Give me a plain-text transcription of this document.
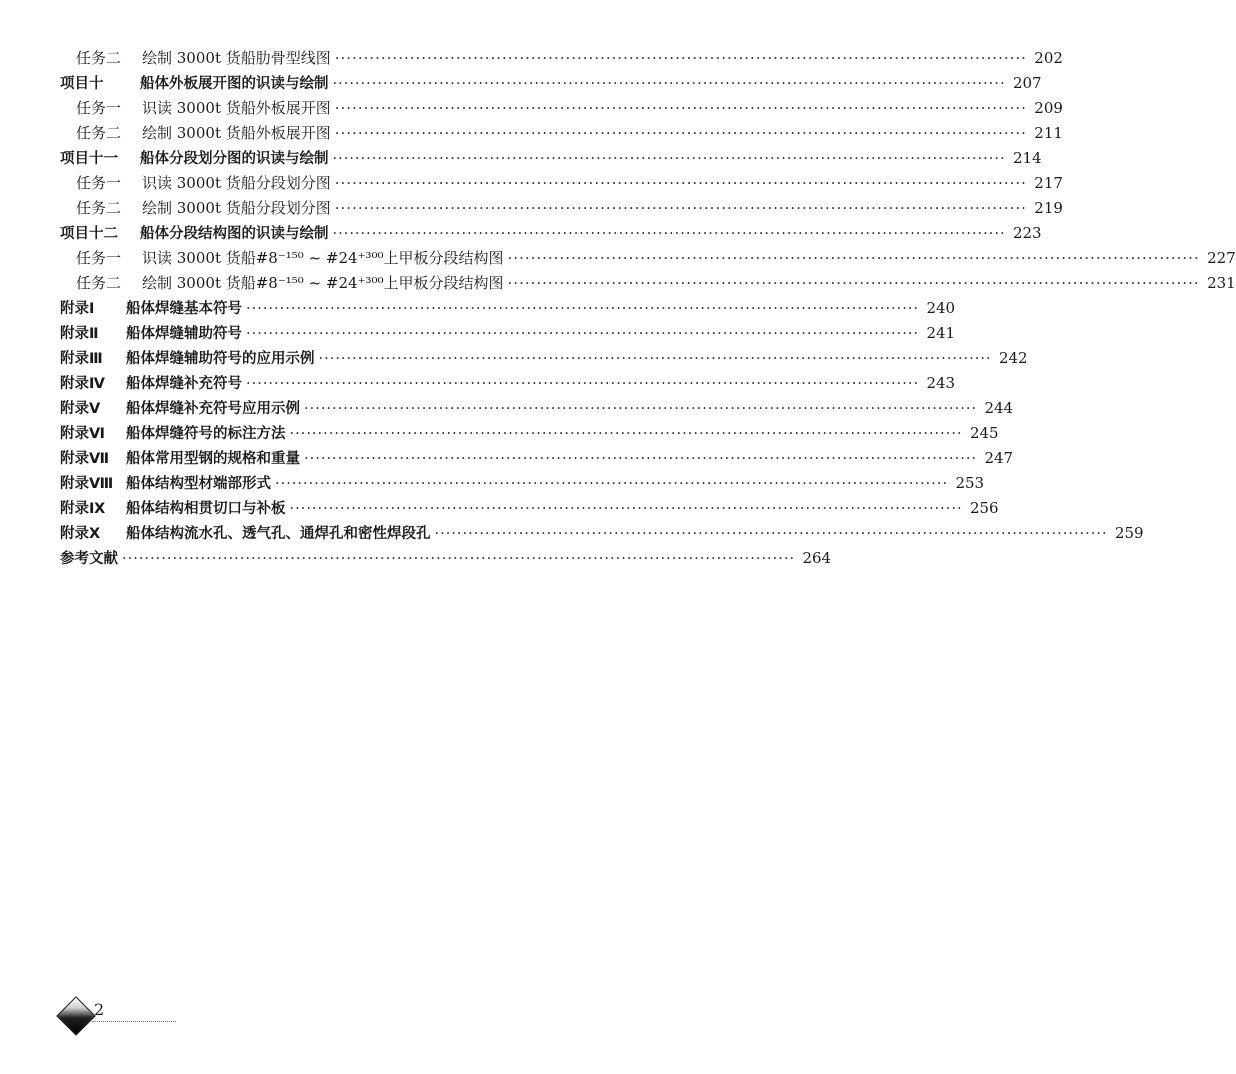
任务二	绘制 3000t 货船肋骨型线图 ·····	202
项目十	船体外板展开图的识读与绘制 ·····	207
任务一	识读 3000t 货船外板展开图 ·····	209
任务二	绘制 3000t 货船外板展开图 ·····	211
项目十一	船体分段划分图的识读与绘制 ·····	214
任务一	识读 3000t 货船分段划分图 ·····	217
任务二	绘制 3000t 货船分段划分图 ·····	219
项目十二	船体分段结构图的识读与绘制 ·····	223
任务一	识读 3000t 货船#8⁻¹⁵⁰ ~ #24⁺³⁰⁰上甲板分段结构图 ·····	227
任务二	绘制 3000t 货船#8⁻¹⁵⁰ ~ #24⁺³⁰⁰上甲板分段结构图 ·····	231
附录Ⅰ	船体焊缝基本符号 ·····	240
附录Ⅱ	船体焊缝辅助符号 ·····	241
附录Ⅲ	船体焊缝辅助符号的应用示例 ·····	242
附录Ⅳ	船体焊缝补充符号 ·····	243
附录Ⅴ	船体焊缝补充符号应用示例 ·····	244
附录Ⅵ	船体焊缝符号的标注方法 ·····	245
附录Ⅶ	船体常用型钢的规格和重量 ·····	247
附录Ⅷ 船体结构型材端部形式 ·····	253
附录Ⅸ	船体结构相贯切口与补板 ·····	256
附录Ⅹ	船体结构流水孔、透气孔、通焊孔和密性焊段孔 ·····	259
参考文献 ·····	264
2
